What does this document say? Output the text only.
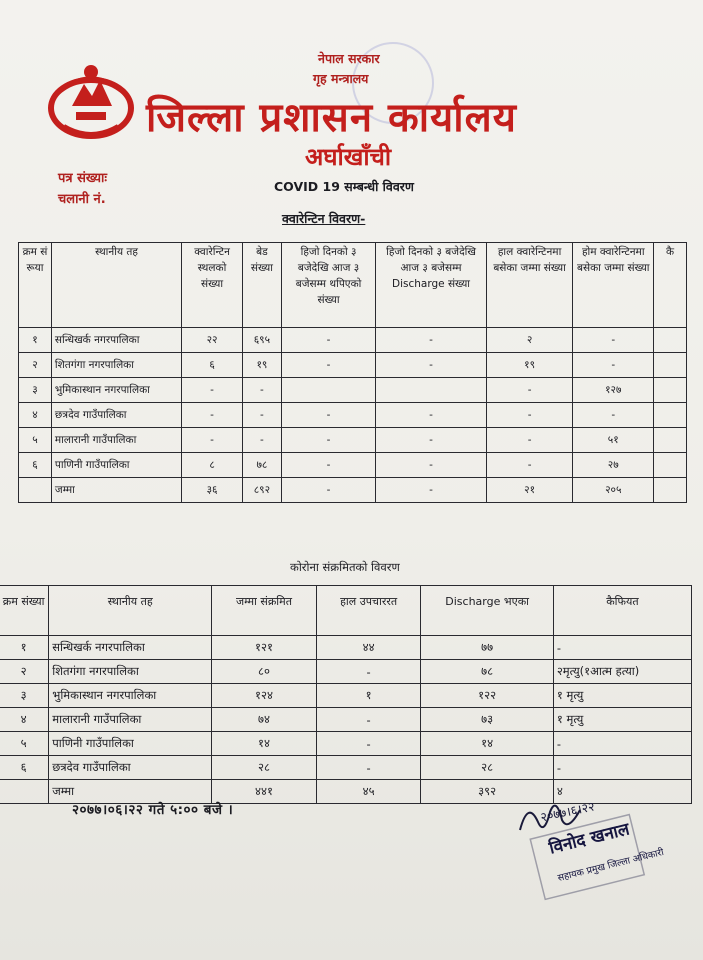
नेपाल सरकार
गृह मन्त्रालय
जिल्ला प्रशासन कार्यालय
अर्घाखाँची
पत्र संख्याः
चलानी नं.
COVID 19 सम्बन्धी विवरण
क्वारेन्टिन विवरण-
क्रम सं रूया	स्थानीय तह	क्वारेन्टिन स्थलको संख्या	बेड संख्या	हिजो दिनको ३ बजेदेखि आज ३ बजेसम्म थपिएको संख्या	हिजो दिनको ३ बजेदेखि आज ३ बजेसम्म Discharge संख्या	हाल क्वारेन्टिनमा बसेका जम्मा संख्या	होम क्वारेन्टिनमा बसेका जम्मा संख्या	कै
१	सन्धिखर्क नगरपालिका	२२	६९५	-	-	२	-	
२	शितगंगा नगरपालिका	६	१९	-	-	१९	-	
३	भुमिकास्थान नगरपालिका	-	-			-	१२७	
४	छत्रदेव गाउँपालिका	-	-	-	-	-	-	
५	मालारानी गाउँपालिका	-	-	-	-	-	५१	
६	पाणिनी गाउँपालिका	८	७८	-	-	-	२७	
	जम्मा	३६	८९२	-	-	२१	२०५	
कोरोना संक्रमितको विवरण
क्रम संख्या	स्थानीय तह	जम्मा संक्रमित	हाल उपचाररत	Discharge भएका	कैफियत
१	सन्धिखर्क नगरपालिका	१२१	४४	७७	-
२	शितगंगा नगरपालिका	८०	-	७८	२मृत्यु(१आत्म हत्या)
३	भुमिकास्थान नगरपालिका	१२४	१	१२२	१ मृत्यु
४	मालारानी गाउँपालिका	७४	-	७३	१ मृत्यु
५	पाणिनी गाउँपालिका	१४	-	१४	-
६	छत्रदेव गाउँपालिका	२८	-	२८	-
	जम्मा	४४१	४५	३९२	४
२०७७।०६।२२ गते ५:०० बजे ।	२०७७।६।२२
विनोद खनाल
सहायक प्रमुख जिल्ला अधिकारी
